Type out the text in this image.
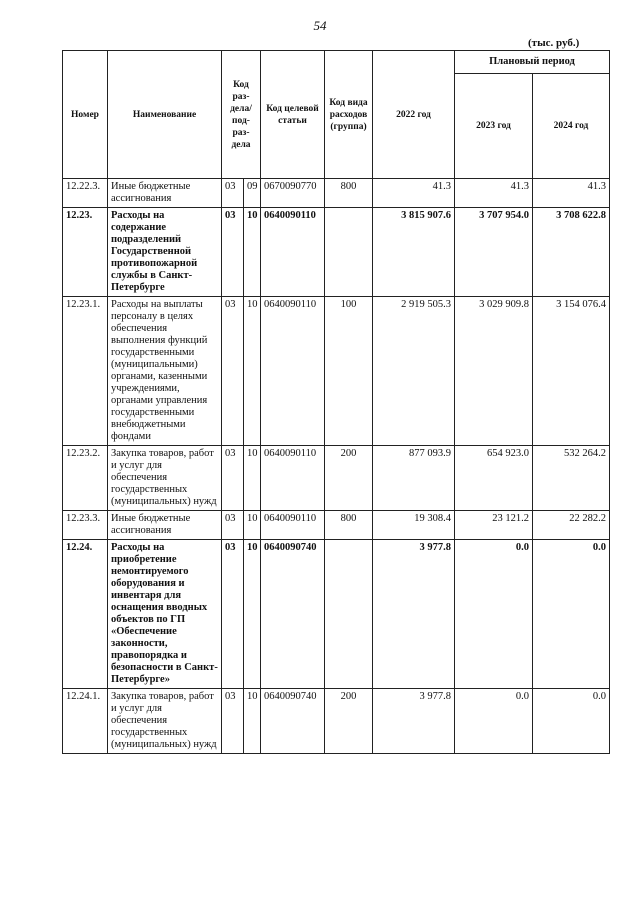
54
(тыс. руб.)
Номер	Наименование	Код раз-дела/ под-раз-дела		Код целевой статьи	Код вида расходов (группа)	2022 год	Плановый период	
							2023 год	2024 год
12.22.3.	Иные бюджетные ассигнования	03	09	0670090770	800	41.3	41.3	41.3
12.23.	Расходы на содержание подразделений Государственной противопожарной службы в Санкт-Петербурге	03	10	0640090110		3 815 907.6	3 707 954.0	3 708 622.8
12.23.1.	Расходы на выплаты персоналу в целях обеспечения выполнения функций государственными (муниципальными) органами, казенными учреждениями, органами управления государственными внебюджетными фондами	03	10	0640090110	100	2 919 505.3	3 029 909.8	3 154 076.4
12.23.2.	Закупка товаров, работ и услуг для обеспечения государственных (муниципальных) нужд	03	10	0640090110	200	877 093.9	654 923.0	532 264.2
12.23.3.	Иные бюджетные ассигнования	03	10	0640090110	800	19 308.4	23 121.2	22 282.2
12.24.	Расходы на приобретение немонтируемого оборудования и инвентаря для оснащения вводных объектов по ГП «Обеспечение законности, правопорядка и безопасности в Санкт-Петербурге»	03	10	0640090740		3 977.8	0.0	0.0
12.24.1.	Закупка товаров, работ и услуг для обеспечения государственных (муниципальных) нужд	03	10	0640090740	200	3 977.8	0.0	0.0
